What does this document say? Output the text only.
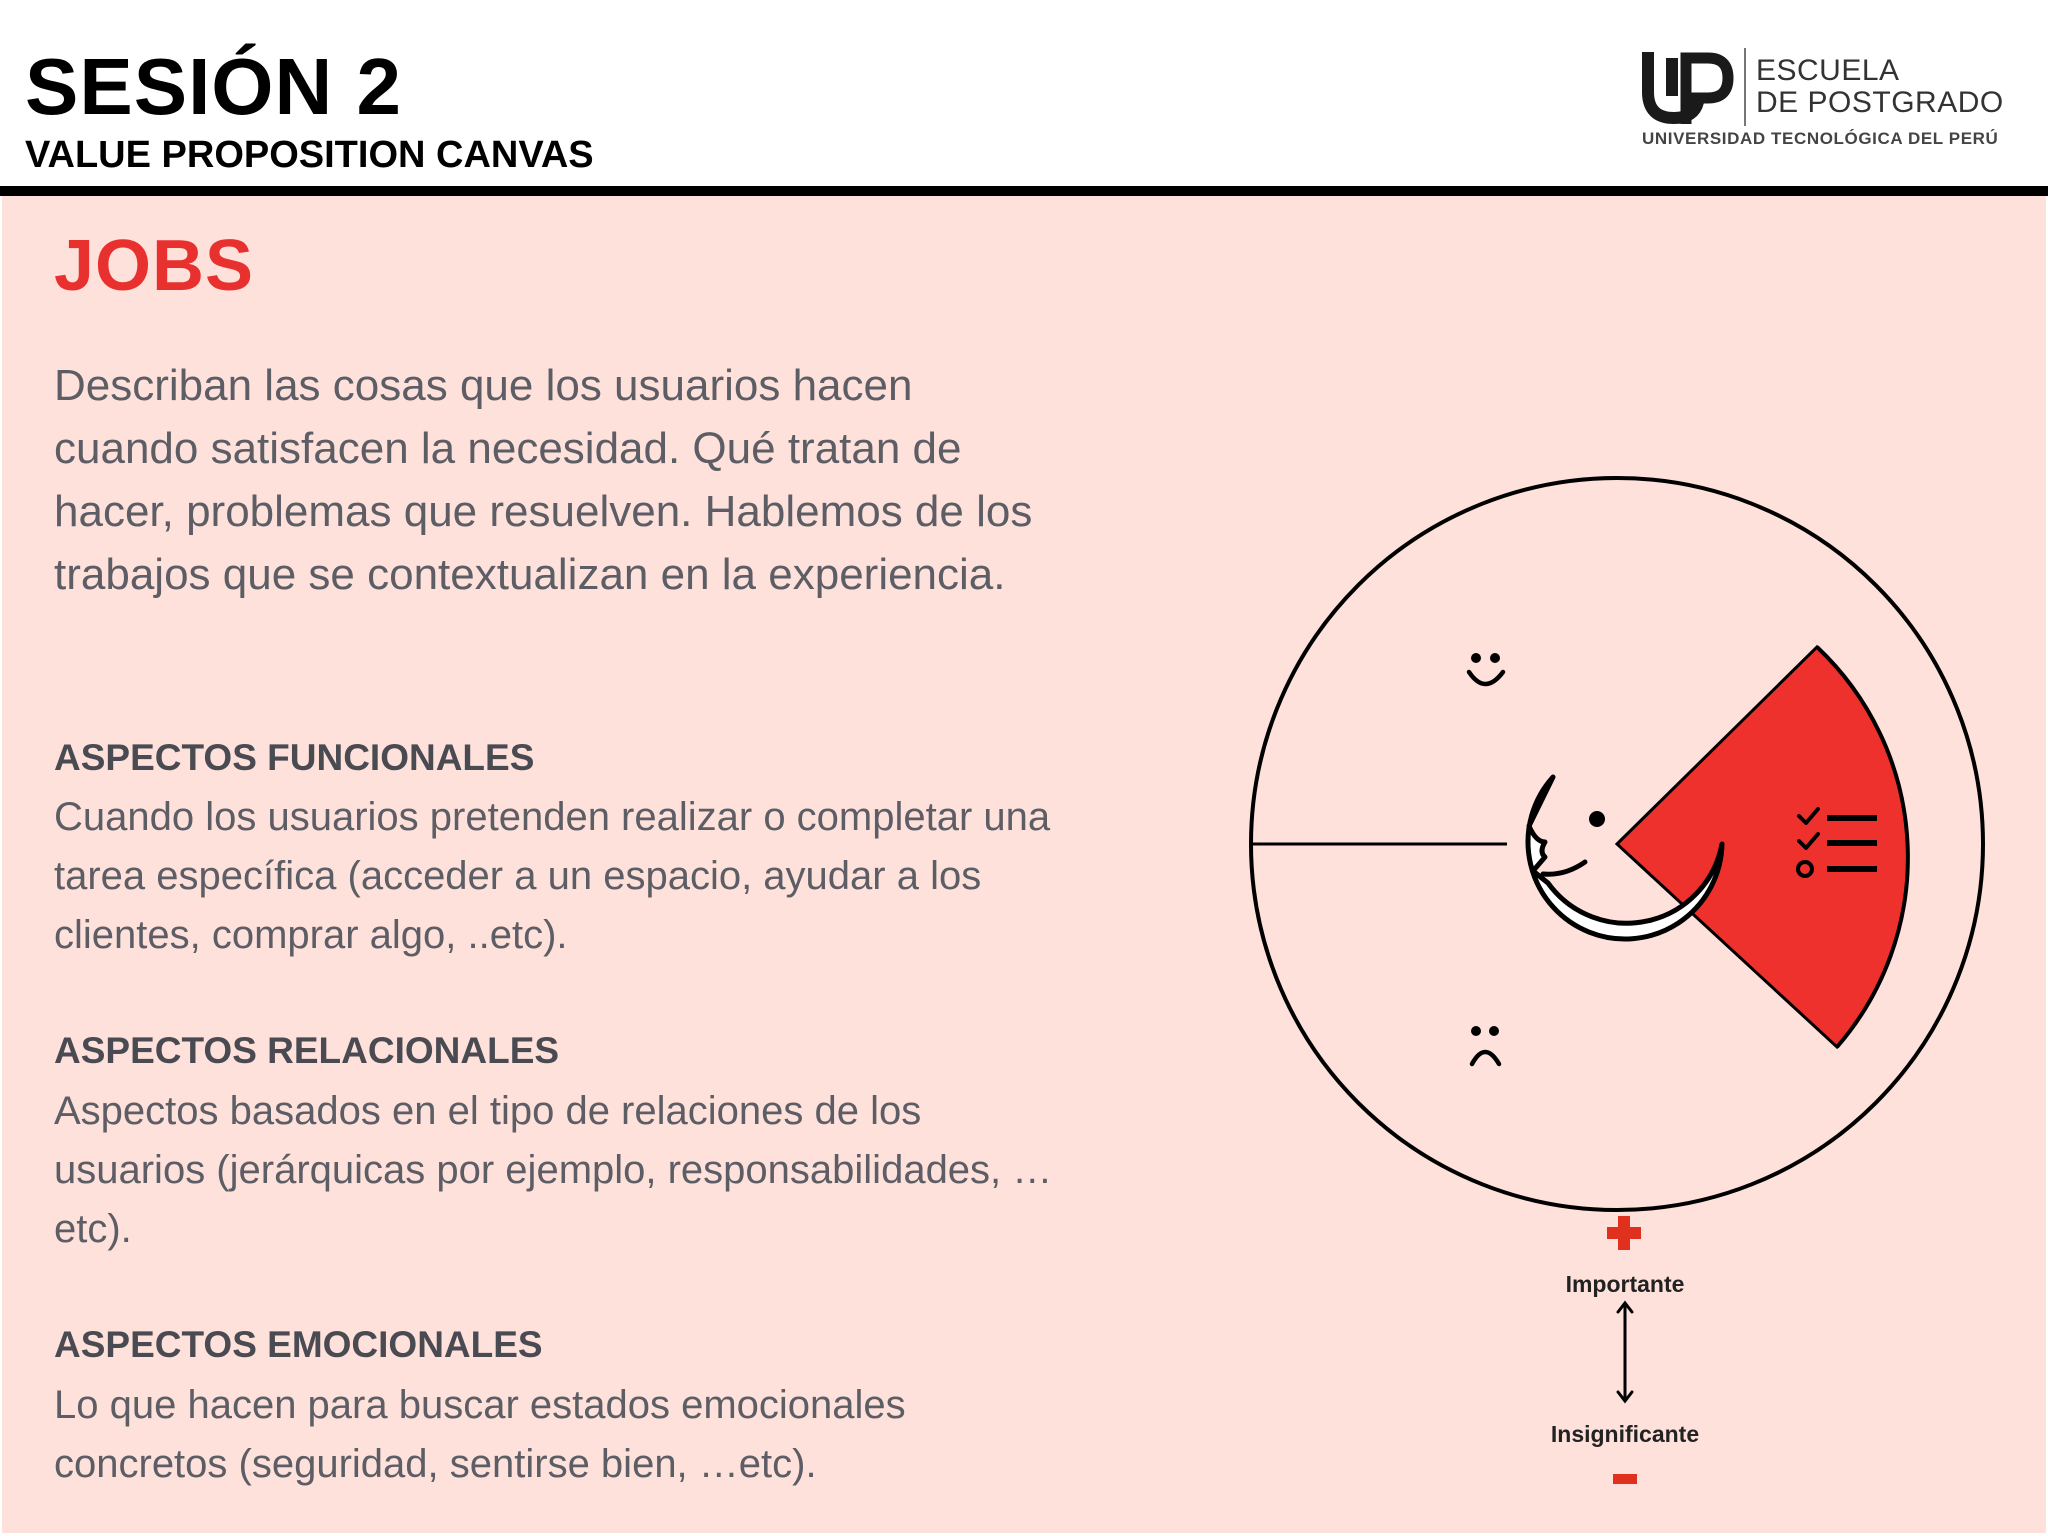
SESIÓN 2
VALUE PROPOSITION CANVAS
ESCUELA
DE POSTGRADO
UNIVERSIDAD TECNOLÓGICA DEL PERÚ
JOBS

Describan las cosas que los usuarios hacen cuando satisfacen la necesidad. Qué tratan de hacer, problemas que resuelven. Hablemos de los trabajos que se contextualizan en la experiencia.

ASPECTOS FUNCIONALES

Cuando los usuarios pretenden realizar o completar una tarea específica (acceder a un espacio, ayudar a los clientes, comprar algo, ..etc).

ASPECTOS RELACIONALES

Aspectos basados en el tipo de relaciones de los usuarios (jerárquicas por ejemplo, responsabilidades, …etc).

ASPECTOS EMOCIONALES

Lo que hacen para buscar estados emocionales concretos (seguridad, sentirse bien, …etc).

Importante
Insignificante
